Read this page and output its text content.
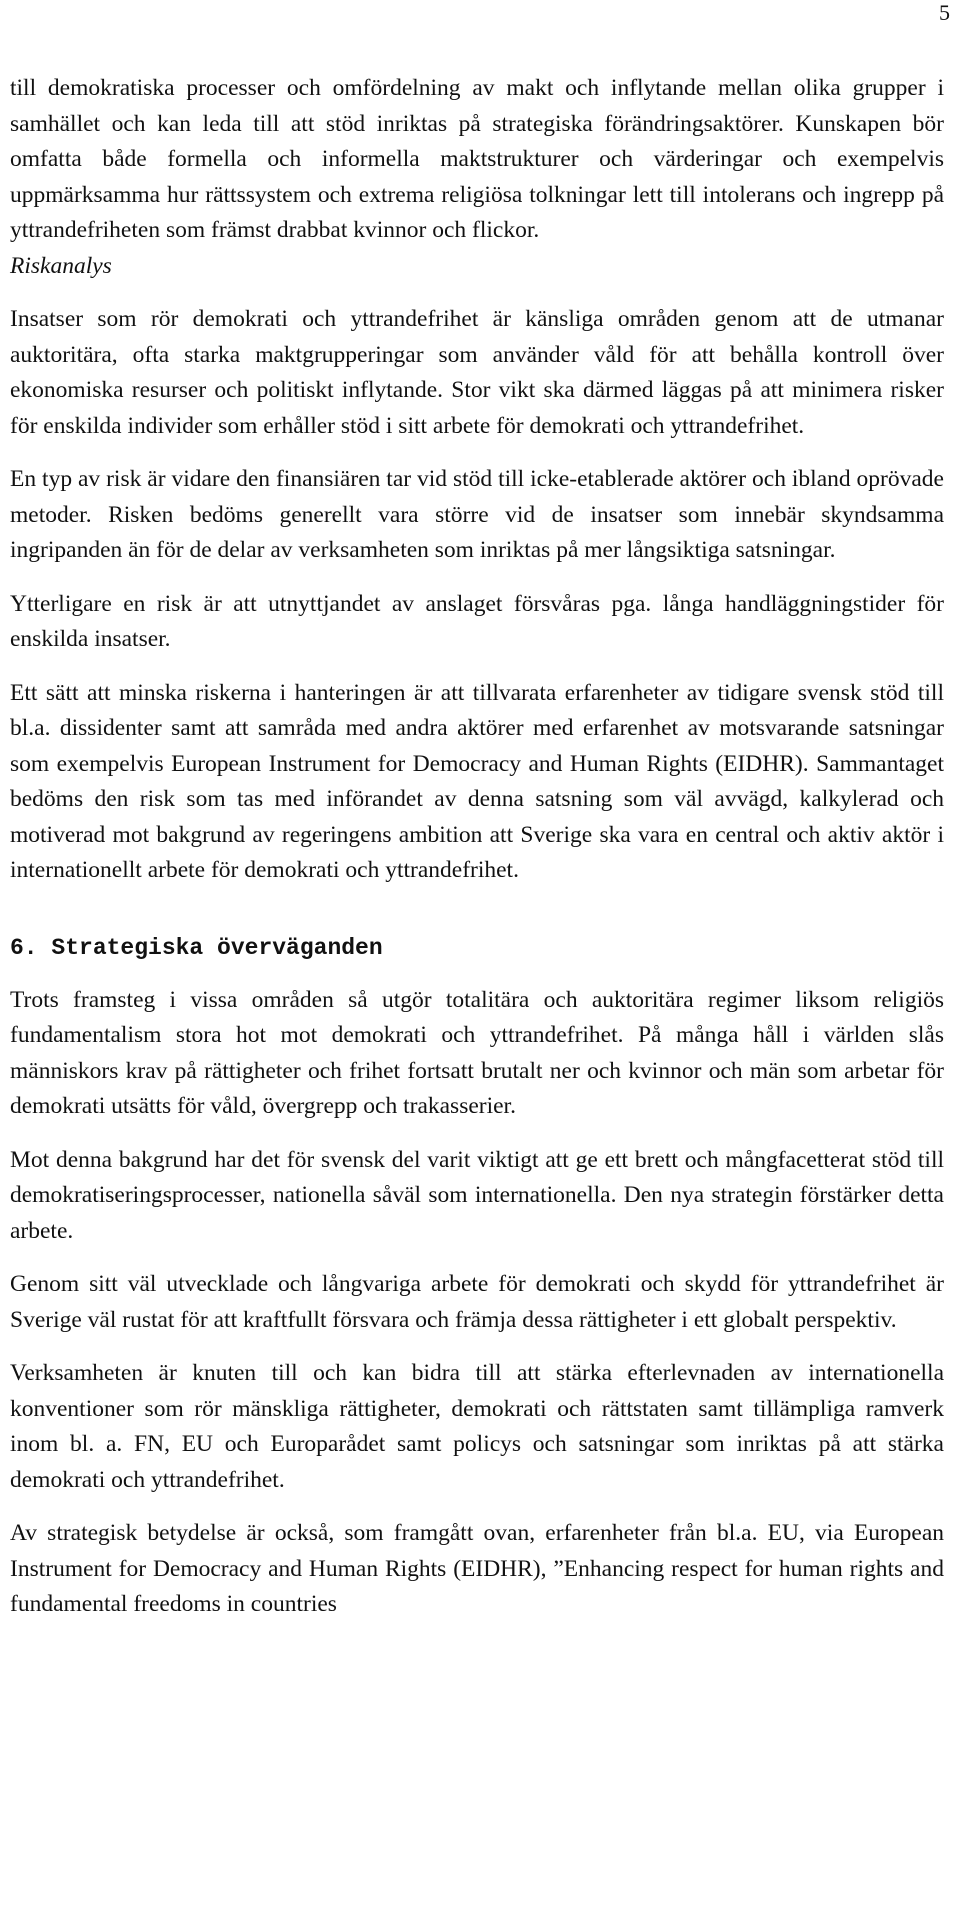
5

till demokratiska processer och omfördelning av makt och inflytande mellan olika grupper i samhället och kan leda till att stöd inriktas på strategiska förändringsaktörer. Kunskapen bör omfatta både formella och informella maktstrukturer och värderingar och exempelvis uppmärksamma hur rättssystem och extrema religiösa tolkningar lett till intolerans och ingrepp på yttrandefriheten som främst drabbat kvinnor och flickor.

Riskanalys

Insatser som rör demokrati och yttrandefrihet är känsliga områden genom att de utmanar auktoritära, ofta starka maktgrupperingar som använder våld för att behålla kontroll över ekonomiska resurser och politiskt inflytande. Stor vikt ska därmed läggas på att minimera risker för enskilda individer som erhåller stöd i sitt arbete för demokrati och yttrandefrihet.

En typ av risk är vidare den finansiären tar vid stöd till icke-etablerade aktörer och ibland oprövade metoder. Risken bedöms generellt vara större vid de insatser som innebär skyndsamma ingripanden än för de delar av verksamheten som inriktas på mer långsiktiga satsningar.

Ytterligare en risk är att utnyttjandet av anslaget försvåras pga. långa handläggningstider för enskilda insatser.

Ett sätt att minska riskerna i hanteringen är att tillvarata erfarenheter av tidigare svensk stöd till bl.a. dissidenter samt att samråda med andra aktörer med erfarenhet av motsvarande satsningar som exempelvis European Instrument for Democracy and Human Rights (EIDHR). Sammantaget bedöms den risk som tas med införandet av denna satsning som väl avvägd, kalkylerad och motiverad mot bakgrund av regeringens ambition att Sverige ska vara en central och aktiv aktör i internationellt arbete för demokrati och yttrandefrihet.

6. Strategiska överväganden

Trots framsteg i vissa områden så utgör totalitära och auktoritära regimer liksom religiös fundamentalism stora hot mot demokrati och yttrandefrihet. På många håll i världen slås människors krav på rättigheter och frihet fortsatt brutalt ner och kvinnor och män som arbetar för demokrati utsätts för våld, övergrepp och trakasserier.

Mot denna bakgrund har det för svensk del varit viktigt att ge ett brett och mångfacetterat stöd till demokratiseringsprocesser, nationella såväl som internationella. Den nya strategin förstärker detta arbete.

Genom sitt väl utvecklade och långvariga arbete för demokrati och skydd för yttrandefrihet är Sverige väl rustat för att kraftfullt försvara och främja dessa rättigheter i ett globalt perspektiv.

Verksamheten är knuten till och kan bidra till att stärka efterlevnaden av internationella konventioner som rör mänskliga rättigheter, demokrati och rättstaten samt tillämpliga ramverk inom bl. a. FN, EU och Europarådet samt policys och satsningar som inriktas på att stärka demokrati och yttrandefrihet.

Av strategisk betydelse är också, som framgått ovan, erfarenheter från bl.a. EU, via European Instrument for Democracy and Human Rights (EIDHR), ”Enhancing respect for human rights and fundamental freedoms in countries
